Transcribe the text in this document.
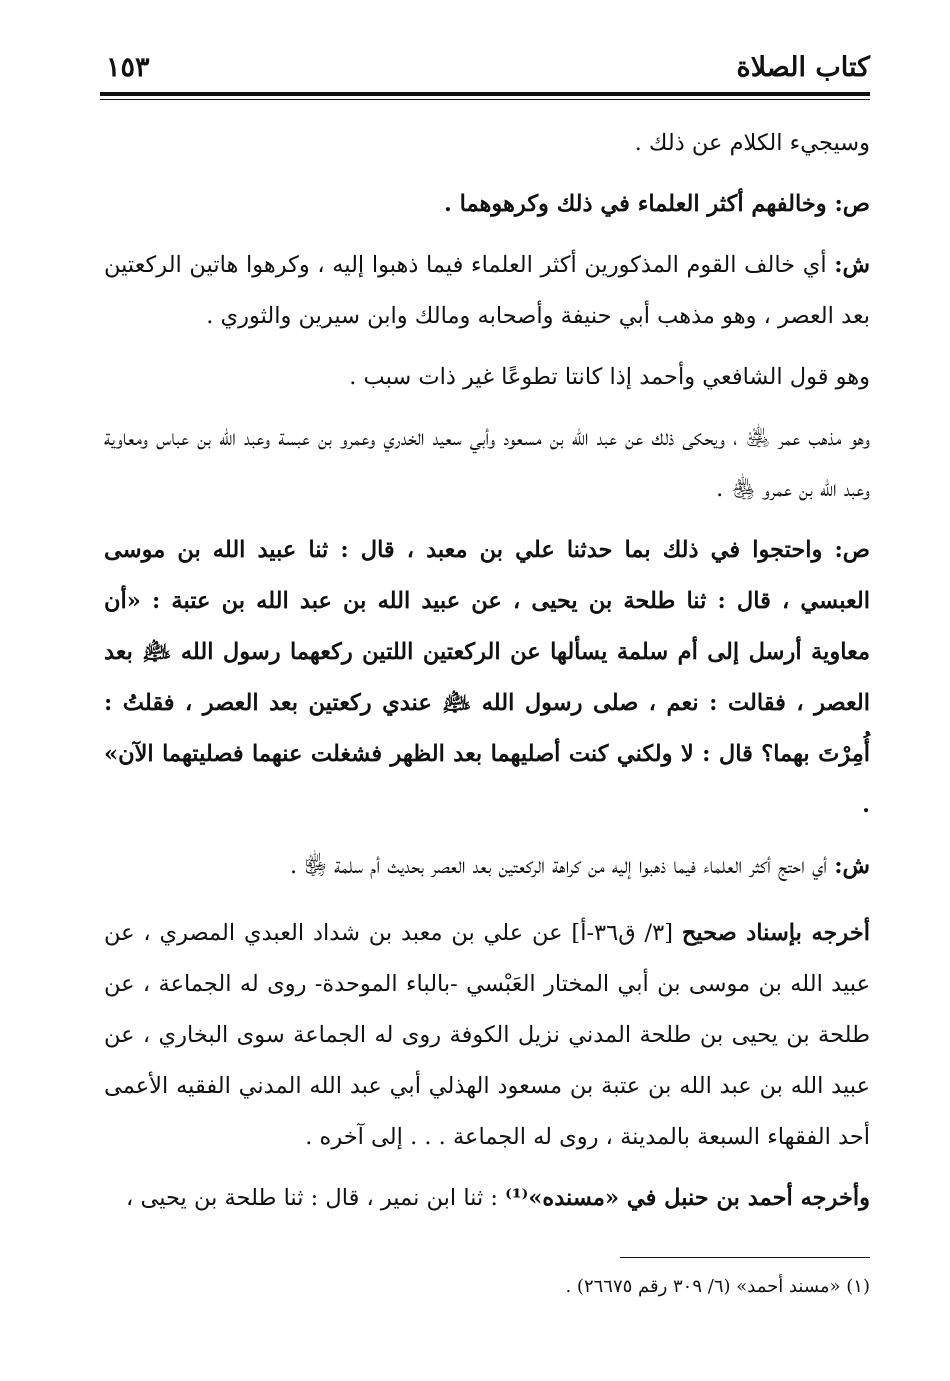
كتاب الصلاة
١٥٣

وسيجيء الكلام عن ذلك .

ص: وخالفهم أكثر العلماء في ذلك وكرهوهما .

ش: أي خالف القوم المذكورين أكثر العلماء فيما ذهبوا إليه ، وكرهوا هاتين الركعتين بعد العصر ، وهو مذهب أبي حنيفة وأصحابه ومالك وابن سيرين والثوري .

وهو قول الشافعي وأحمد إذا كانتا تطوعًا غير ذات سبب .

وهو مذهب عمر ﵁ ، ويحكى ذلك عن عبد الله بن مسعود وأبي سعيد الخدري وعمرو بن عبسة وعبد الله بن عباس ومعاوية وعبد الله بن عمرو ﵃ .

ص: واحتجوا في ذلك بما حدثنا علي بن معبد ، قال : ثنا عبيد الله بن موسى العبسي ، قال : ثنا طلحة بن يحيى ، عن عبيد الله بن عبد الله بن عتبة : «أن معاوية أرسل إلى أم سلمة يسألها عن الركعتين اللتين ركعهما رسول الله ﵇ بعد العصر ، فقالت : نعم ، صلى رسول الله ﵇ عندي ركعتين بعد العصر ، فقلتُ : أُمِرْتَ بهما؟ قال : لا ولكني كنت أصليهما بعد الظهر فشغلت عنهما فصليتهما الآن» .

ش: أي احتج أكثر العلماء فيما ذهبوا إليه من كراهة الركعتين بعد العصر بحديث أم سلمة ﵂ .

أخرجه بإسناد صحيح [٣/ ق٣٦-أ] عن علي بن معبد بن شداد العبدي المصري ، عن عبيد الله بن موسى بن أبي المختار العَبْسي -بالباء الموحدة- روى له الجماعة ، عن طلحة بن يحيى بن طلحة المدني نزيل الكوفة روى له الجماعة سوى البخاري ، عن عبيد الله بن عبد الله بن عتبة بن مسعود الهذلي أبي عبد الله المدني الفقيه الأعمى أحد الفقهاء السبعة بالمدينة ، روى له الجماعة . . . إلى آخره .

وأخرجه أحمد بن حنبل في «مسنده»⁽¹⁾ : ثنا ابن نمير ، قال : ثنا طلحة بن يحيى ،

(١) «مسند أحمد» (٦/ ٣٠٩ رقم ٢٦٦٧٥) .
